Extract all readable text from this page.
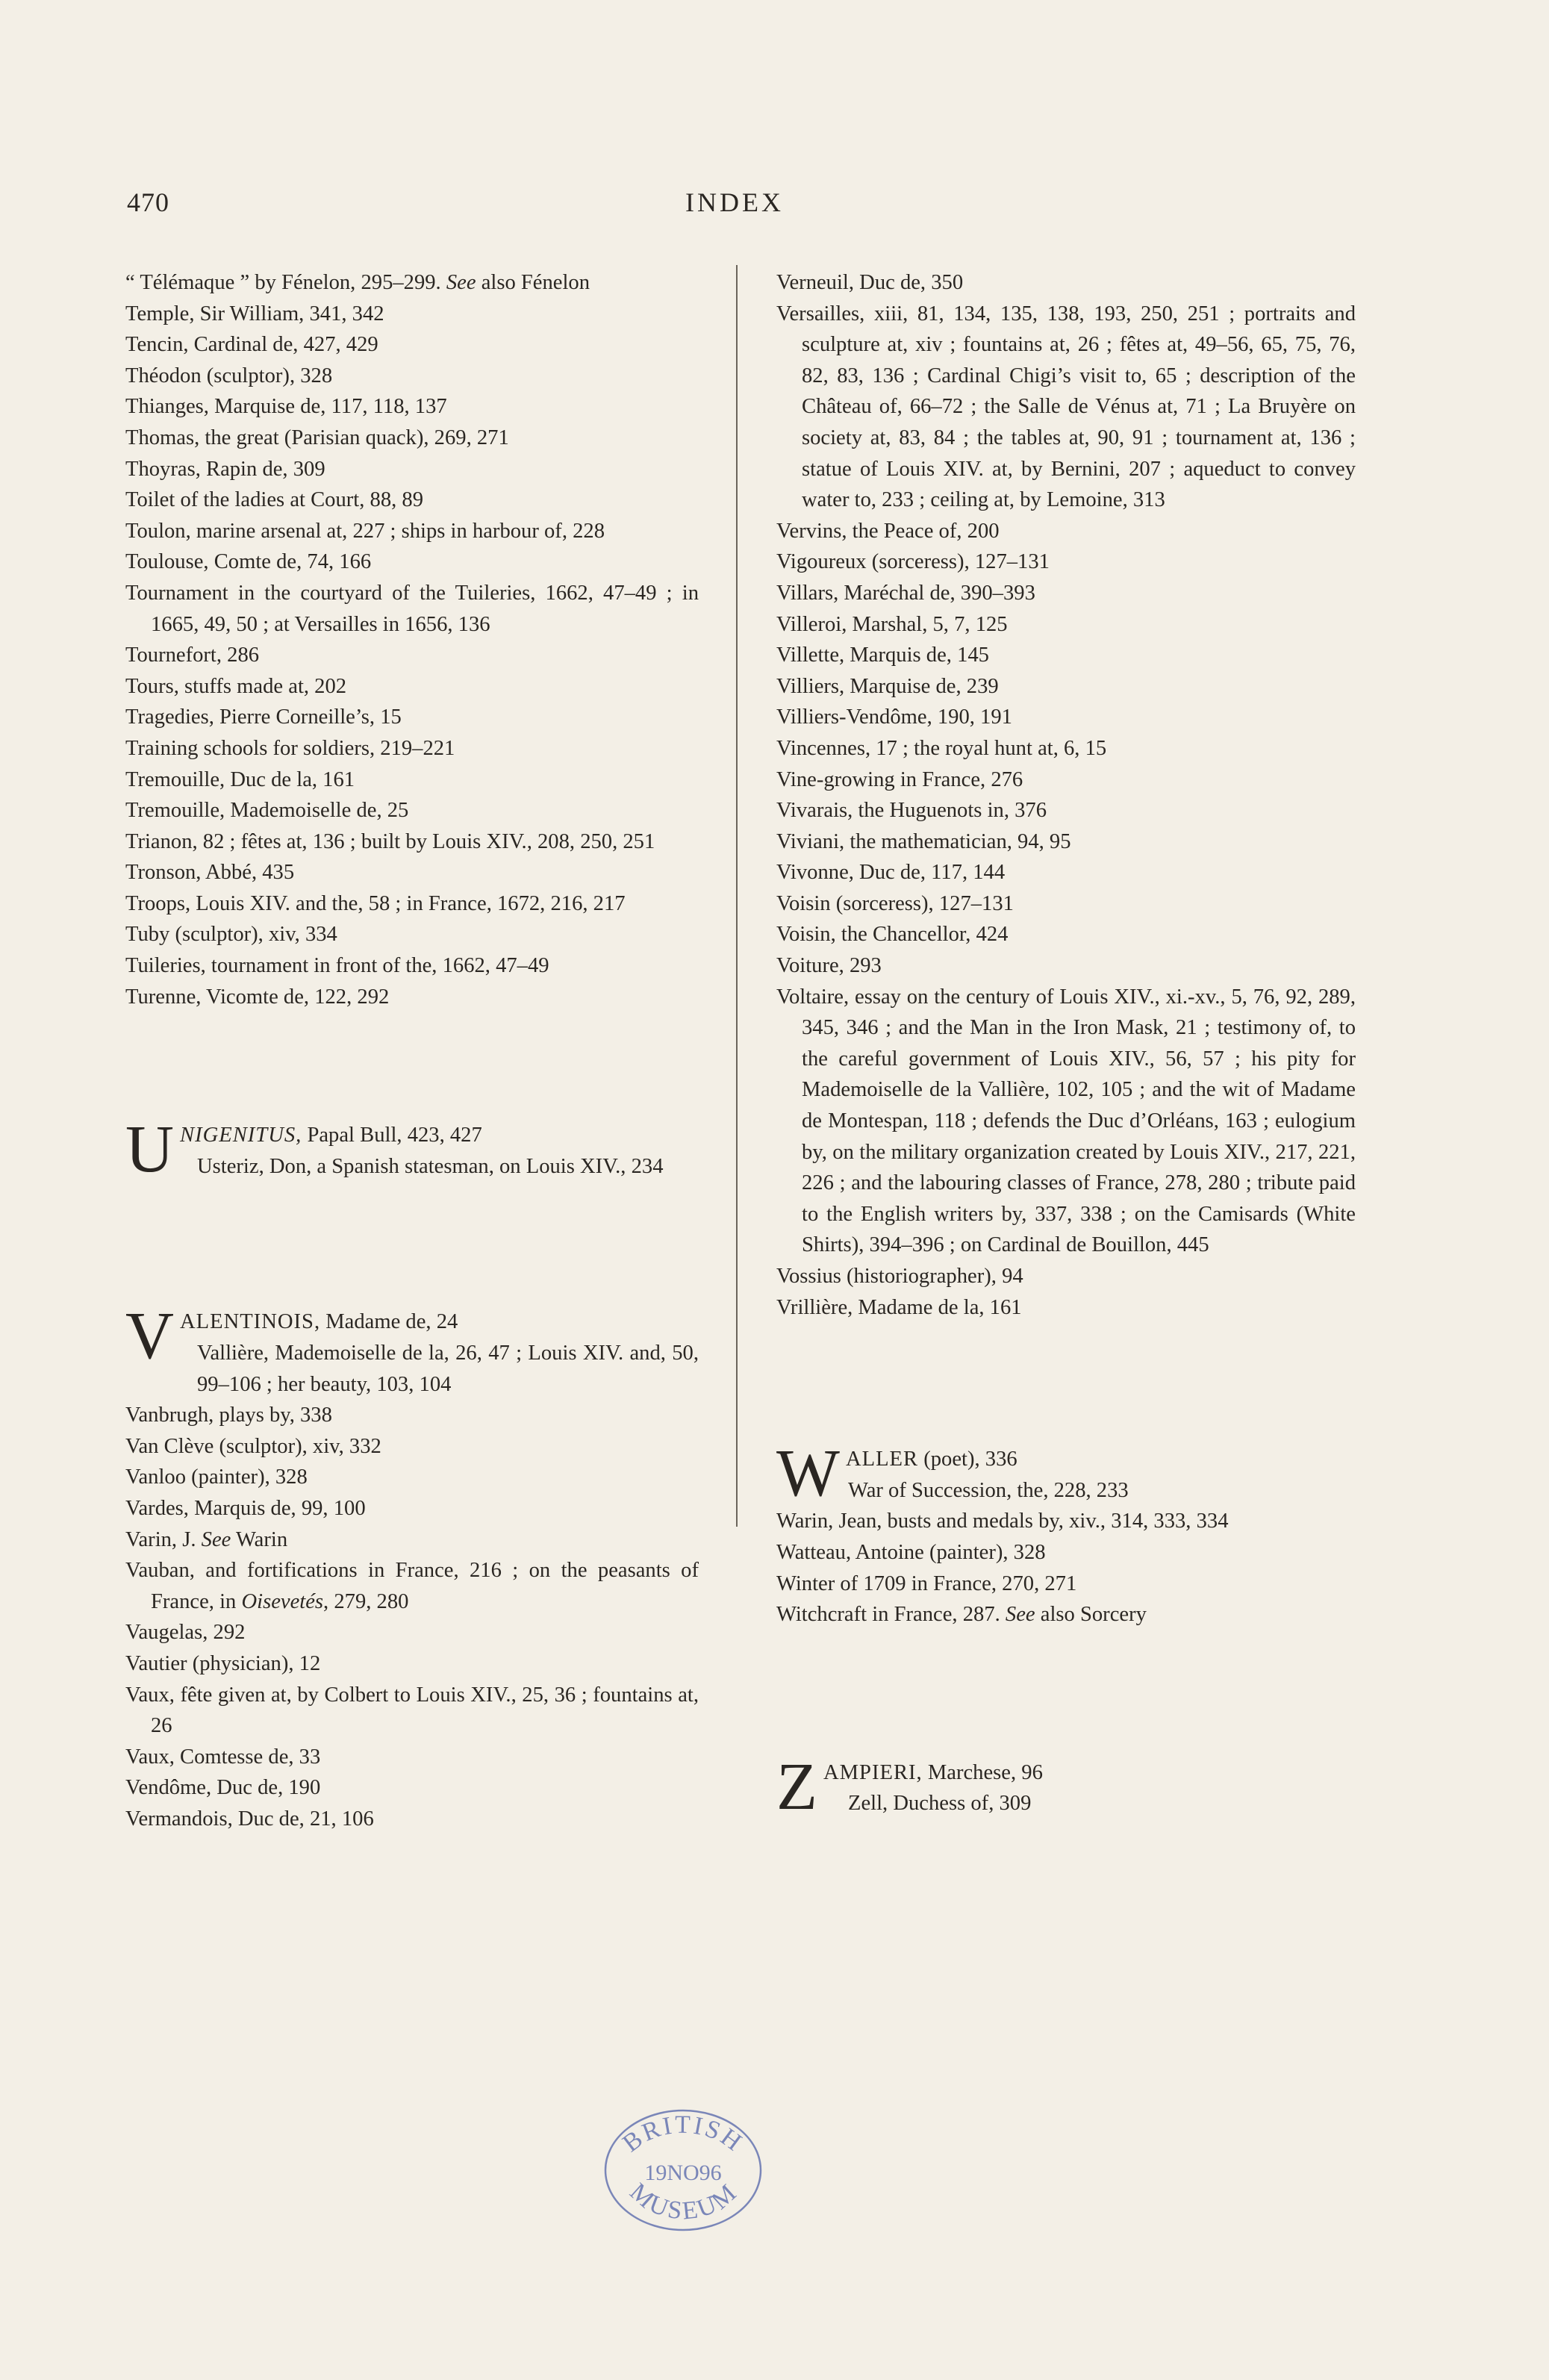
470	INDEX
“ Télémaque ” by Fénelon, 295–299. See also Fénelon
Temple, Sir William, 341, 342
Tencin, Cardinal de, 427, 429
Théodon (sculptor), 328
Thianges, Marquise de, 117, 118, 137
Thomas, the great (Parisian quack), 269, 271
Thoyras, Rapin de, 309
Toilet of the ladies at Court, 88, 89
Toulon, marine arsenal at, 227 ; ships in harbour of, 228
Toulouse, Comte de, 74, 166
Tournament in the courtyard of the Tuileries, 1662, 47–49 ; in 1665, 49, 50 ; at Versailles in 1656, 136
Tournefort, 286
Tours, stuffs made at, 202
Tragedies, Pierre Corneille’s, 15
Training schools for soldiers, 219–221
Tremouille, Duc de la, 161
Tremouille, Mademoiselle de, 25
Trianon, 82 ; fêtes at, 136 ; built by Louis XIV., 208, 250, 251
Tronson, Abbé, 435
Troops, Louis XIV. and the, 58 ; in France, 1672, 216, 217
Tuby (sculptor), xiv, 334
Tuileries, tournament in front of the, 1662, 47–49
Turenne, Vicomte de, 122, 292
UNIGENITUS, Papal Bull, 423, 427
Usteriz, Don, a Spanish statesman, on Louis XIV., 234
VALENTINOIS, Madame de, 24
Vallière, Mademoiselle de la, 26, 47 ; Louis XIV. and, 50, 99–106 ; her beauty, 103, 104
Vanbrugh, plays by, 338
Van Clève (sculptor), xiv, 332
Vanloo (painter), 328
Vardes, Marquis de, 99, 100
Varin, J. See Warin
Vauban, and fortifications in France, 216 ; on the peasants of France, in Oisevetés, 279, 280
Vaugelas, 292
Vautier (physician), 12
Vaux, fête given at, by Colbert to Louis XIV., 25, 36 ; fountains at, 26
Vaux, Comtesse de, 33
Vendôme, Duc de, 190
Vermandois, Duc de, 21, 106
Verneuil, Duc de, 350
Versailles, xiii, 81, 134, 135, 138, 193, 250, 251 ; portraits and sculpture at, xiv ; fountains at, 26 ; fêtes at, 49–56, 65, 75, 76, 82, 83, 136 ; Cardinal Chigi’s visit to, 65 ; description of the Château of, 66–72 ; the Salle de Vénus at, 71 ; La Bruyère on society at, 83, 84 ; the tables at, 90, 91 ; tournament at, 136 ; statue of Louis XIV. at, by Bernini, 207 ; aqueduct to convey water to, 233 ; ceiling at, by Lemoine, 313
Vervins, the Peace of, 200
Vigoureux (sorceress), 127–131
Villars, Maréchal de, 390–393
Villeroi, Marshal, 5, 7, 125
Villette, Marquis de, 145
Villiers, Marquise de, 239
Villiers-Vendôme, 190, 191
Vincennes, 17 ; the royal hunt at, 6, 15
Vine-growing in France, 276
Vivarais, the Huguenots in, 376
Viviani, the mathematician, 94, 95
Vivonne, Duc de, 117, 144
Voisin (sorceress), 127–131
Voisin, the Chancellor, 424
Voiture, 293
Voltaire, essay on the century of Louis XIV., xi.-xv., 5, 76, 92, 289, 345, 346 ; and the Man in the Iron Mask, 21 ; testimony of, to the careful government of Louis XIV., 56, 57 ; his pity for Mademoiselle de la Vallière, 102, 105 ; and the wit of Madame de Montespan, 118 ; defends the Duc d’Orléans, 163 ; eulogium by, on the military organization created by Louis XIV., 217, 221, 226 ; and the labouring classes of France, 278, 280 ; tribute paid to the English writers by, 337, 338 ; on the Camisards (White Shirts), 394–396 ; on Cardinal de Bouillon, 445
Vossius (historiographer), 94
Vrillière, Madame de la, 161
WALLER (poet), 336
War of Succession, the, 228, 233
Warin, Jean, busts and medals by, xiv., 314, 333, 334
Watteau, Antoine (painter), 328
Winter of 1709 in France, 270, 271
Witchcraft in France, 287. See also Sorcery
ZAMPIERI, Marchese, 96
Zell, Duchess of, 309
BRITISH
19NO96
MUSEUM
